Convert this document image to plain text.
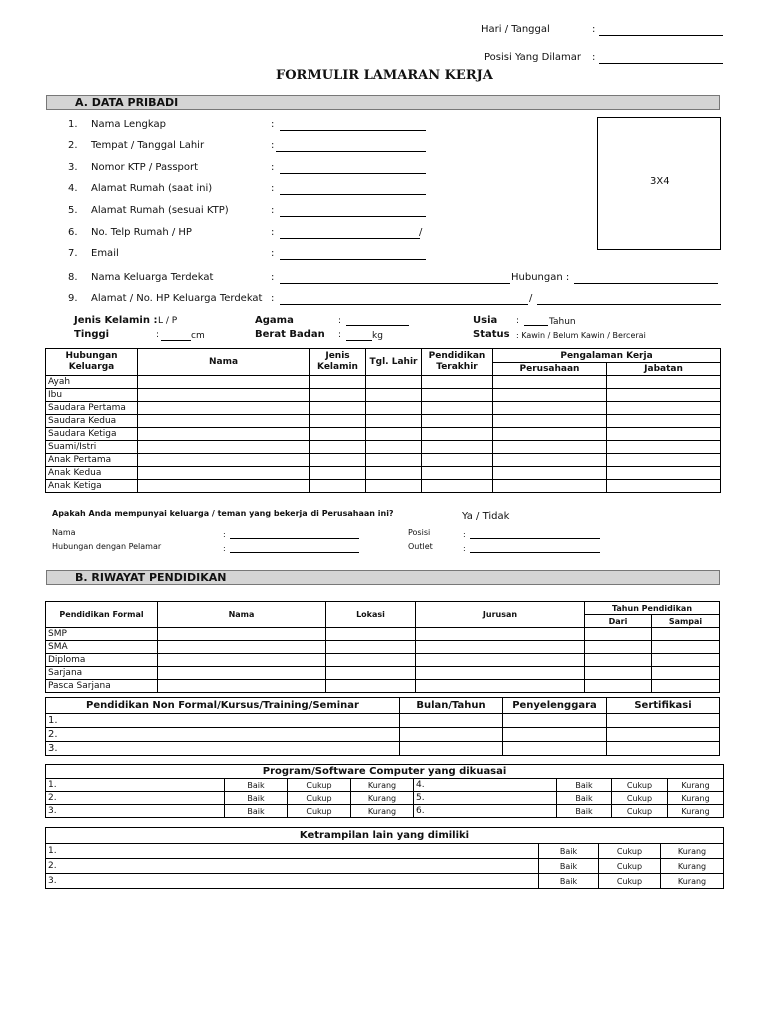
Hari / Tanggal	:
Posisi Yang Dilamar :
FORMULIR LAMARAN KERJA
A. DATA PRIBADI
3X4
1. Nama Lengkap	:
2. Tempat / Tanggal Lahir	:
3. Nomor KTP / Passport	:
4. Alamat Rumah (saat ini)	:
5. Alamat Rumah (sesuai KTP)	:
6. No. Telp Rumah / HP	:	/
7. Email	:
8. Nama Keluarga Terdekat	:	Hubungan :
9. Alamat / No. HP Keluarga Terdekat :	/
Jenis Kelamin : L / P
Tinggi	:	cm
Agama	:
Berat Badan :	kg
Usia :	Tahun
Status : Kawin / Belum Kawin / Bercerai
Hubungan Keluarga	Nama	Jenis Kelamin	Tgl. Lahir	Pendidikan Terakhir	Pengalaman Kerja	
					Perusahaan	Jabatan
Ayah						
Ibu						
Saudara Pertama						
Saudara Kedua						
Saudara Ketiga						
Suami/Istri						
Anak Pertama						
Anak Kedua						
Anak Ketiga						
Apakah Anda mempunyai keluarga / teman yang bekerja di Perusahaan ini?	Ya / Tidak
Nama	:
Hubungan dengan Pelamar	:
Posisi	:
Outlet	:
B. RIWAYAT PENDIDIKAN
Pendidikan Formal	Nama	Lokasi	Jurusan	Tahun Pendidikan	
				Dari	Sampai
SMP					
SMA					
Diploma					
Sarjana					
Pasca Sarjana					
Pendidikan Non Formal/Kursus/Training/Seminar	Bulan/Tahun	Penyelenggara	Sertifikasi
1.			
2.			
3.			
Program/Software Computer yang dikuasai							
1.	Baik	Cukup	Kurang	4.	Baik	Cukup	Kurang
2.	Baik	Cukup	Kurang	5.	Baik	Cukup	Kurang
3.	Baik	Cukup	Kurang	6.	Baik	Cukup	Kurang
Ketrampilan lain yang dimiliki			
1.	Baik	Cukup	Kurang
2.	Baik	Cukup	Kurang
3.	Baik	Cukup	Kurang
